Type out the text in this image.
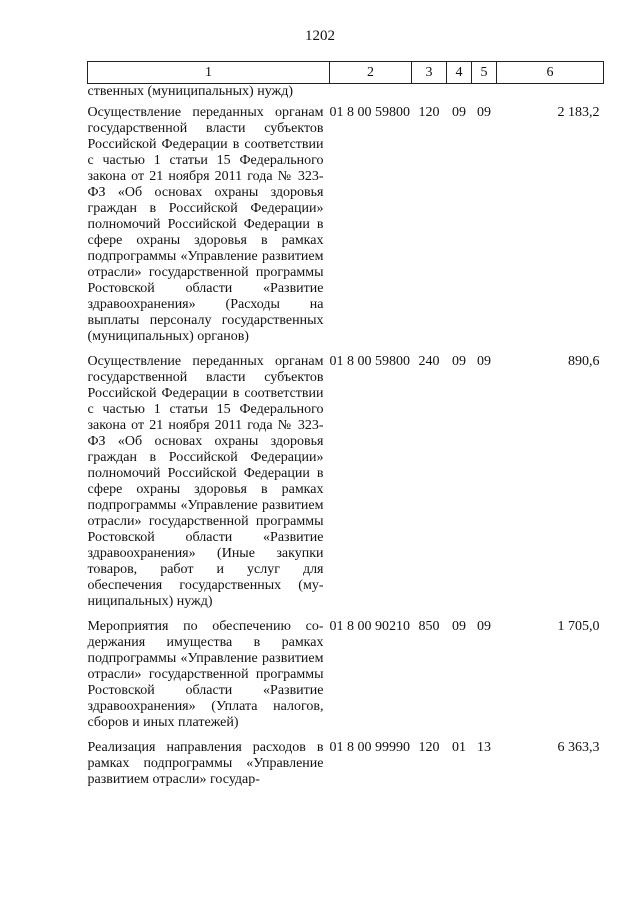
1202
1	2	3	4	5	6
ственных (муниципальных) нужд)					
Осуществление переданных органам государственной власти субъектов Российской Федерации в соответствии с частью 1 статьи 15 Федерального закона от 21 ноября 2011 года № 323-ФЗ «Об основах охраны здоровья граждан в Российской Федерации» полномочий Российской Федерации в сфере охраны здоровья в рамках подпрограммы «Управление развитием отрасли» государственной программы Ростовской области «Развитие здравоохранения» (Расходы на выплаты персоналу государственных (муниципальных) органов)	01 8 00 59800	120	09	09	2 183,2
Осуществление переданных органам государственной власти субъектов Российской Федерации в соответствии с частью 1 статьи 15 Федерального закона от 21 ноября 2011 года № 323-ФЗ «Об основах охраны здоровья граждан в Российской Федерации» полномочий Российской Федерации в сфере охраны здоровья в рамках подпрограммы «Управление развитием отрасли» государственной программы Ростовской области «Развитие здравоохранения» (Иные закупки товаров, работ и услуг для обеспечения государственных (муниципальных) нужд)	01 8 00 59800	240	09	09	890,6
Мероприятия по обеспечению содержания имущества в рамках подпрограммы «Управление развитием отрасли» государственной программы Ростовской области «Развитие здравоохранения» (Уплата налогов, сборов и иных платежей)	01 8 00 90210	850	09	09	1 705,0
Реализация направления расходов в рамках подпрограммы «Управление развитием отрасли» государ-	01 8 00 99990	120	01	13	6 363,3
